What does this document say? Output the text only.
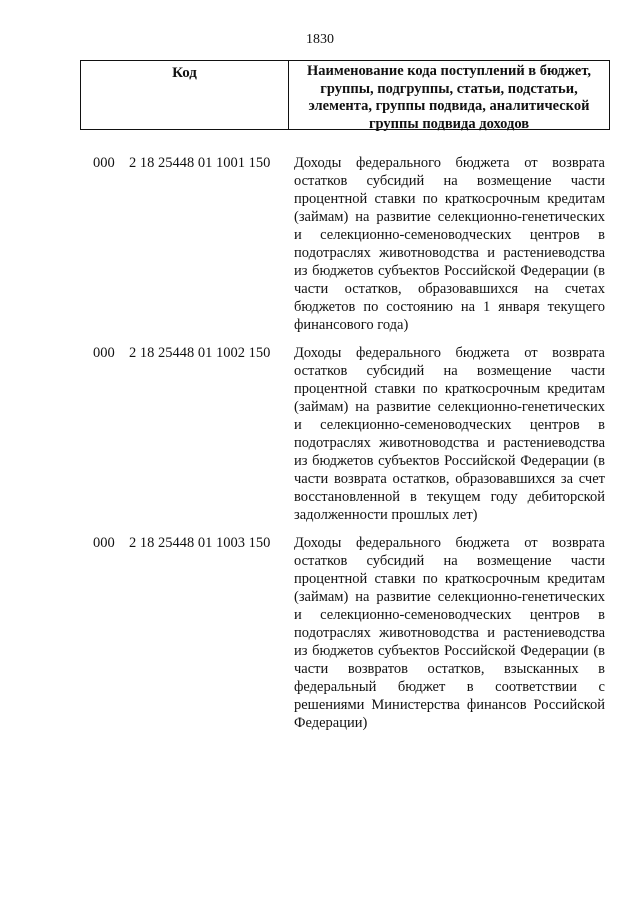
1830
Код	Наименование кода поступлений в бюджет, группы, подгруппы, статьи, подстатьи, элемента, группы подвида, аналитической группы подвида доходов
000 2 18 25448 01 1001 150	Доходы федерального бюджета от возврата остатков субсидий на возмещение части процентной ставки по краткосрочным кредитам (займам) на развитие селекционно-генетических и селекционно-семеноводческих центров в подотраслях животноводства и растениеводства из бюджетов субъектов Российской Федерации (в части остатков, образовавшихся на счетах бюджетов по состоянию на 1 января текущего финансового года)
000 2 18 25448 01 1002 150	Доходы федерального бюджета от возврата остатков субсидий на возмещение части процентной ставки по краткосрочным кредитам (займам) на развитие селекционно-генетических и селекционно-семеноводческих центров в подотраслях животноводства и растениеводства из бюджетов субъектов Российской Федерации (в части возврата остатков, образовавшихся за счет восстановленной в текущем году дебиторской задолженности прошлых лет)
000 2 18 25448 01 1003 150	Доходы федерального бюджета от возврата остатков субсидий на возмещение части процентной ставки по краткосрочным кредитам (займам) на развитие селекционно-генетических и селекционно-семеноводческих центров в подотраслях животноводства и растениеводства из бюджетов субъектов Российской Федерации (в части возвратов остатков, взысканных в федеральный бюджет в соответствии с решениями Министерства финансов Российской Федерации)
